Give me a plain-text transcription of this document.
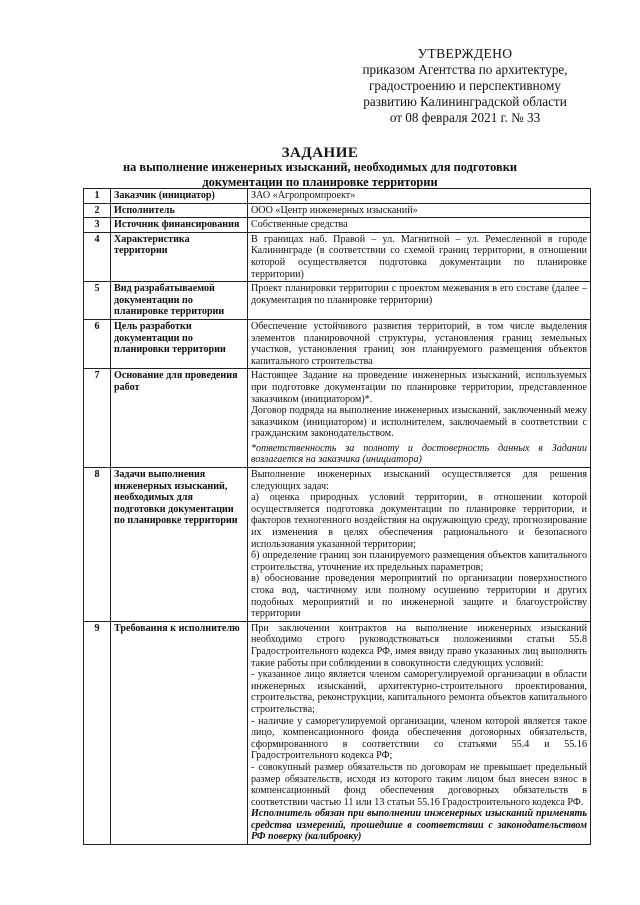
УТВЕРЖДЕНО
приказом Агентства по архитектуре,
градостроению и перспективному
развитию Калининградской области
от 08 февраля 2021 г. № 33
ЗАДАНИЕ
на выполнение инженерных изысканий, необходимых для подготовки документации по планировке территории
1	Заказчик (инициатор)	ЗАО «Агропромпроект»

2	Исполнитель	ООО «Центр инженерных изысканий»

3	Источник финансирования	Собственные средства

4	Характеристика территории	В границах наб. Правой – ул. Магнитной – ул. Ремесленной в городе Калининграде (в соответствии со схемой границ территории, в отношении которой осуществляется подготовка документации по планировке территории)

5	Вид разрабатываемой документации по планировке территории	Проект планировки территории с проектом межевания в его составе (далее – документация по планировке территории)

6	Цель разработки документации по планировки территории	Обеспечение устойчивого развития территорий, в том числе выделения элементов планировочной структуры, установления границ земельных участков, установления границ зон планируемого размещения объектов капитального строительства

7	Основание для проведения работ	Настоящее Задание на проведение инженерных изысканий, используемых при подготовке документации по планировке территории, представленное заказчиком (инициатором)*.
Договор подряда на выполнение инженерных изысканий, заключенный межу заказчиком (инициатором) и исполнителем, заключаемый в соответствии с гражданским законодательством.
*ответственность за полноту и достоверность данных в Задании возлагается на заказчика (инициатора)

8	Задачи выполнения инженерных изысканий, необходимых для подготовки документации по планировке территории	Выполнение инженерных изысканий осуществляется для решения следующих задач:
а) оценка природных условий территории, в отношении которой осуществляется подготовка документации по планировке территории, и факторов техногенного воздействия на окружающую среду, прогнозирование их изменения в целях обеспечения рационального и безопасного использования указанной территории;
б) определение границ зон планируемого размещения объектов капитального строительства, уточнение их предельных параметров;
в) обоснование проведения мероприятий по организации поверхностного стока вод, частичному или полному осушению территории и других подобных мероприятий и по инженерной защите и благоустройству территории

9	Требования к исполнителю	При заключении контрактов на выполнение инженерных изысканий необходимо строго руководствоваться положениями статьи 55.8 Градостроительного кодекса РФ, имея ввиду право указанных лиц выполнять такие работы при соблюдении в совокупности следующих условий:
- указанное лицо является членом саморегулируемой организации в области инженерных изысканий, архитектурно-строительного проектирования, строительства, реконструкции, капитального ремонта объектов капитального строительства;
- наличие у саморегулируемой организации, членом которой является такое лицо, компенсационного фонда обеспечения договорных обязательств, сформированного в соответствии со статьями 55.4 и 55.16 Градостроительного кодекса РФ;
- совокупный размер обязательств по договорам не превышает предельный размер обязательств, исходя из которого таким лицом был внесен взнос в компенсационный фонд обеспечения договорных обязательств в соответствии частью 11 или 13 статьи 55.16 Градостроительного кодекса РФ.
Исполнитель обязан при выполнении инженерных изысканий применять средства измерений, прошедшие в соответствии с законодательством РФ поверку (калибровку)
